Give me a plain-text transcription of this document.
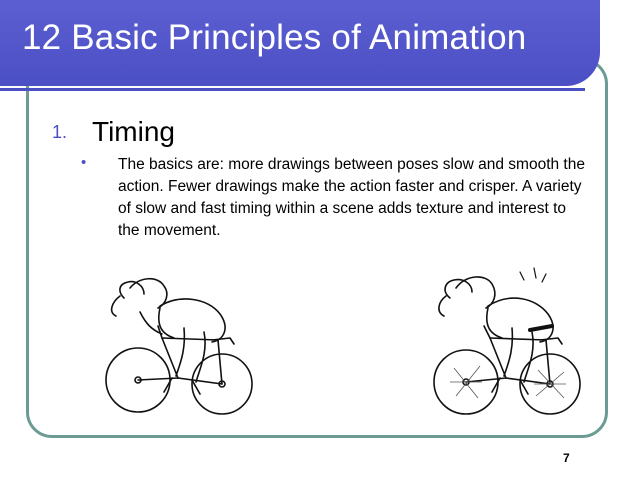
12 Basic Principles of Animation
1. Timing
• The basics are: more drawings between poses slow and smooth the action. Fewer drawings make the action faster and crisper. A variety of slow and fast timing within a scene adds texture and interest to the movement.
7
